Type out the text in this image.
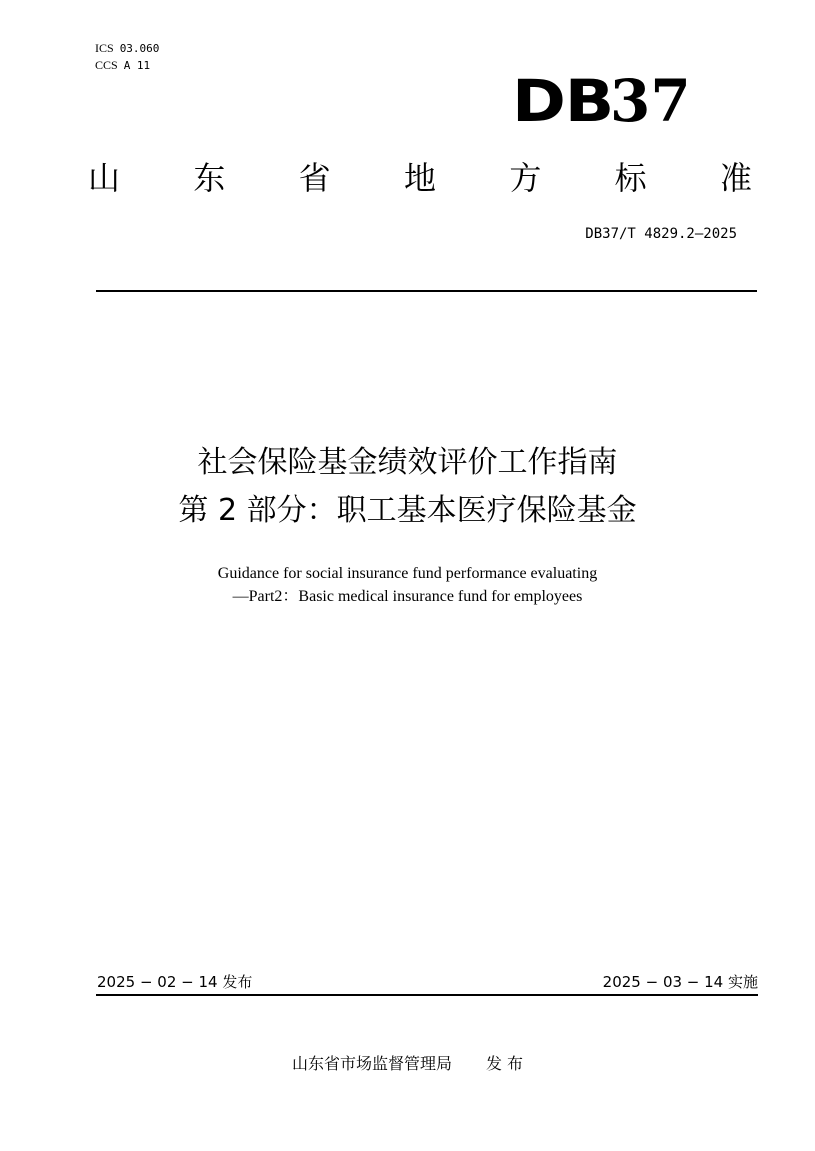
ICS 03.060
CCS A 11
DB
37
山 东 省 地 方 标 准
DB37/T 4829.2—2025
社会保险基金绩效评价工作指南
第 2 部分：职工基本医疗保险基金
Guidance for social insurance fund performance evaluating
—Part2：Basic medical insurance fund for employees
2025 − 02 − 14 发布	2025 − 03 − 14 实施
山东省市场监督管理局 发 布
